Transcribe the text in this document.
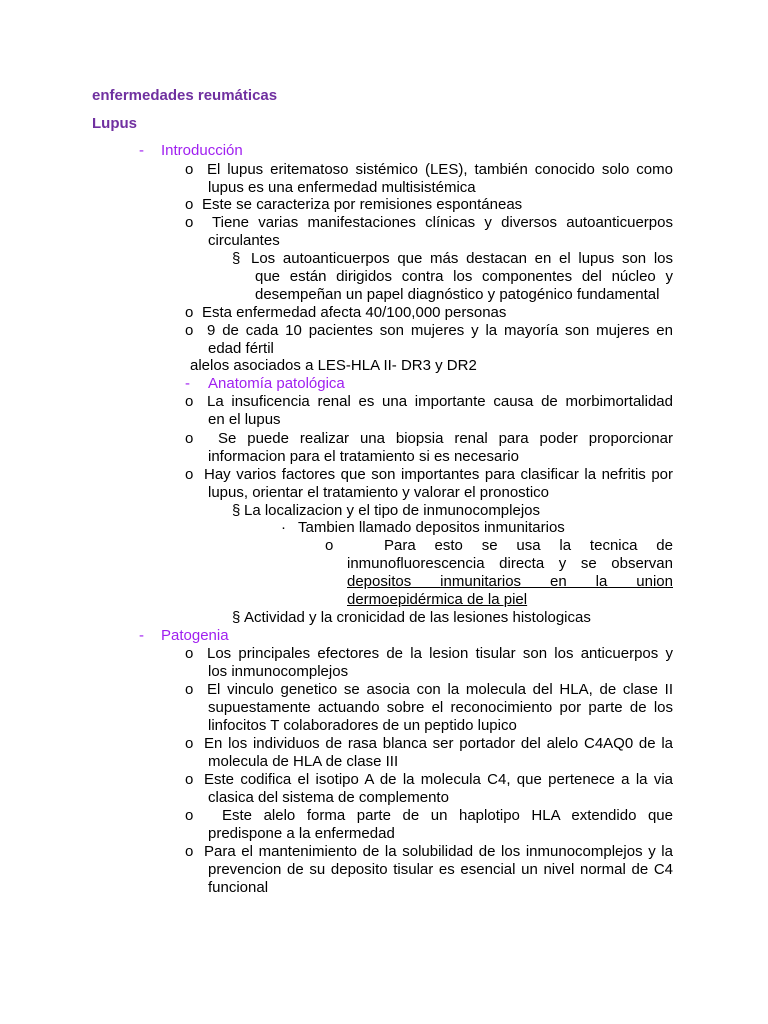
enfermedades reumáticas
Lupus
- Introducción
o El lupus eritematoso sistémico (LES), también conocido solo como
lupus es una enfermedad multisistémica
o Este se caracteriza por remisiones espontáneas
o Tiene varias manifestaciones clínicas y diversos autoanticuerpos
circulantes
§ Los autoanticuerpos que más destacan en el lupus son los
que están dirigidos contra los componentes del núcleo y
desempeñan un papel diagnóstico y patogénico fundamental
o Esta enfermedad afecta 40/100,000 personas
o 9 de cada 10 pacientes son mujeres y la mayoría son mujeres en
edad fértil
alelos asociados a LES-HLA II- DR3 y DR2
- Anatomía patológica
o La insuficencia renal es una importante causa de morbimortalidad
en el lupus
o Se puede realizar una biopsia renal para poder proporcionar
informacion para el tratamiento si es necesario
o Hay varios factores que son importantes para clasificar la nefritis por
lupus, orientar el tratamiento y valorar el pronostico
§ La localizacion y el tipo de inmunocomplejos
· Tambien llamado depositos inmunitarios
o	Para esto se usa la tecnica de
inmunofluorescencia directa y se observan
depositos inmunitarios en la union
dermoepidérmica de la piel
§ Actividad y la cronicidad de las lesiones histologicas
- Patogenia
o Los principales efectores de la lesion tisular son los anticuerpos y
los inmunocomplejos
o El vinculo genetico se asocia con la molecula del HLA, de clase II
supuestamente actuando sobre el reconocimiento por parte de los
linfocitos T colaboradores de un peptido lupico
o En los individuos de rasa blanca ser portador del alelo C4AQ0 de la
molecula de HLA de clase III
o Este codifica el isotipo A de la molecula C4, que pertenece a la via
clasica del sistema de complemento
o Este alelo forma parte de un haplotipo HLA extendido que
predispone a la enfermedad
o Para el mantenimiento de la solubilidad de los inmunocomplejos y la
prevencion de su deposito tisular es esencial un nivel normal de C4
funcional
